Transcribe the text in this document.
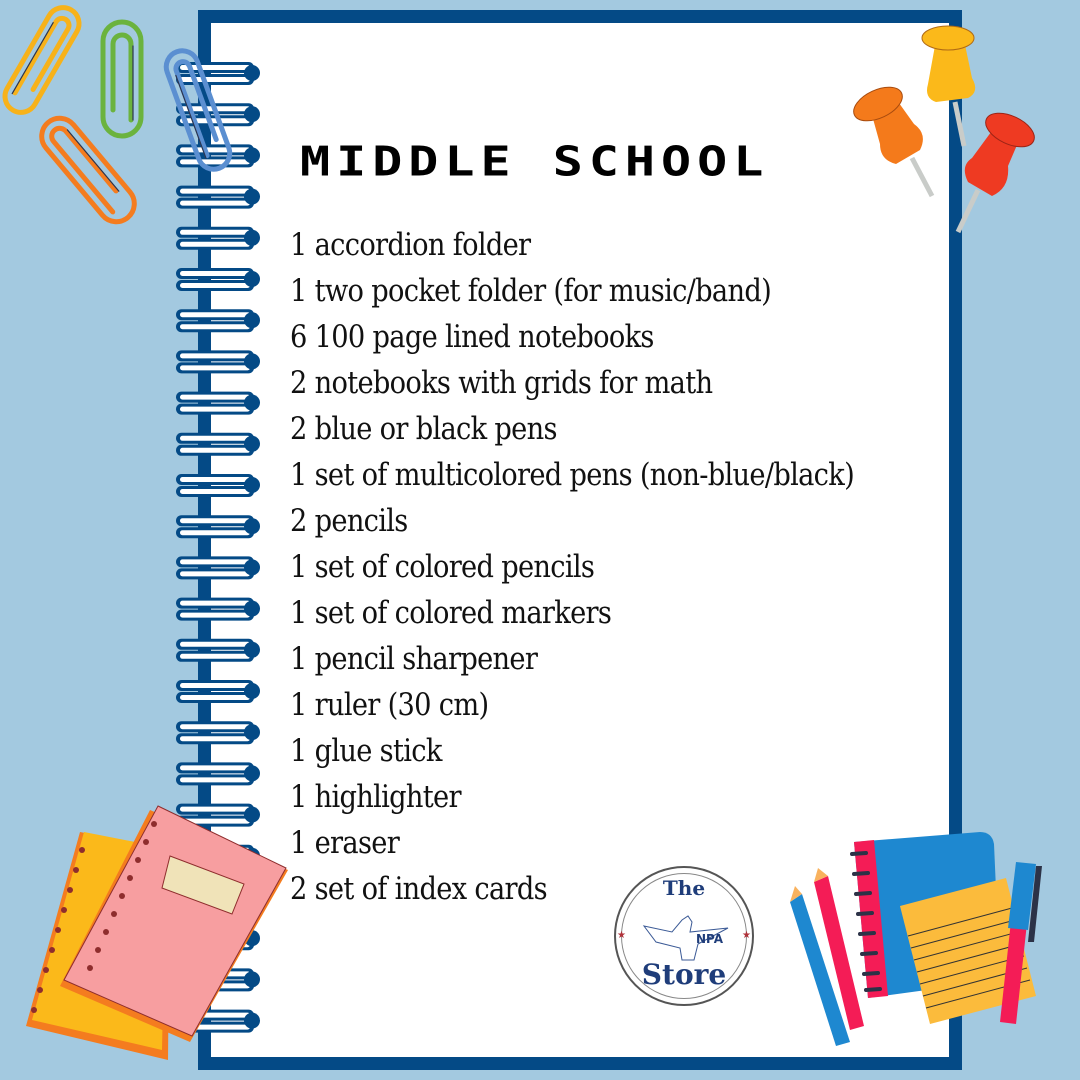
MIDDLE SCHOOL
1 accordion folder
1 two pocket folder (for music/band)
6 100 page lined notebooks
2 notebooks with grids for math
2 blue or black pens
1 set of multicolored pens (non-blue/black)
2 pencils
1 set of colored pencils
1 set of colored markers
1 pencil sharpener
1 ruler (30 cm)
1 glue stick
1 highlighter
1 eraser
2 set of index cards	The
NPA
★	★
Store
